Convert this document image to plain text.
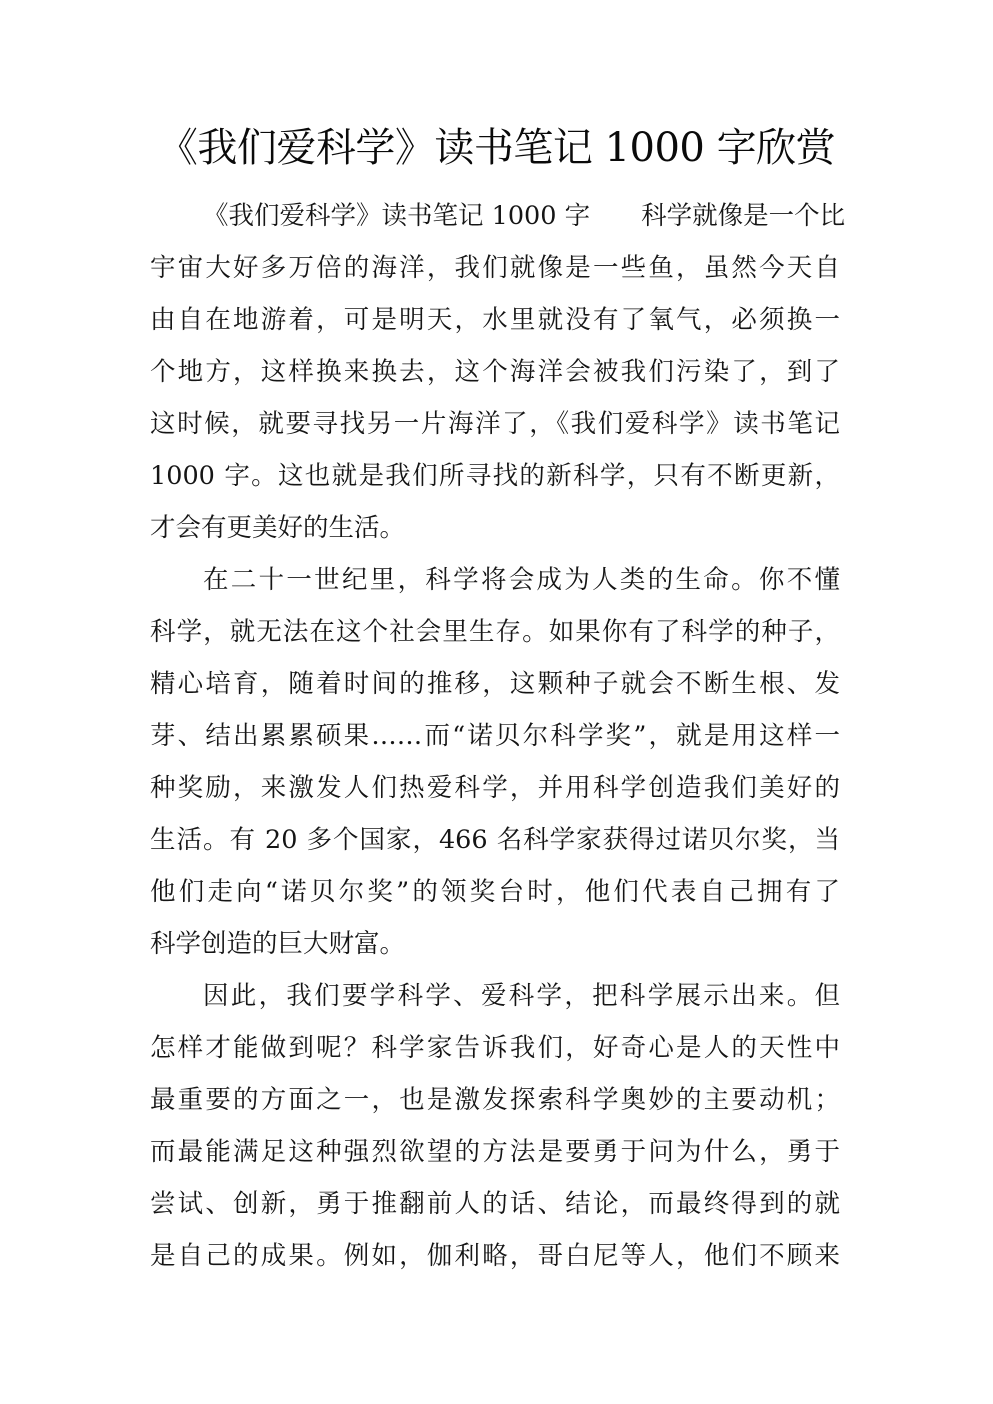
《我们爱科学》读书笔记 1000 字欣赏
《我们爱科学》读书笔记 1000 字　　科学就像是一个比
宇宙大好多万倍的海洋，我们就像是一些鱼，虽然今天自
由自在地游着，可是明天，水里就没有了氧气，必须换一
个地方，这样换来换去，这个海洋会被我们污染了，到了
这时候，就要寻找另一片海洋了，《我们爱科学》读书笔记
1000 字。这也就是我们所寻找的新科学，只有不断更新，
才会有更美好的生活。
在二十一世纪里，科学将会成为人类的生命。你不懂
科学，就无法在这个社会里生存。如果你有了科学的种子，
精心培育，随着时间的推移，这颗种子就会不断生根、发
芽、结出累累硕果……而“诺贝尔科学奖”，就是用这样一
种奖励，来激发人们热爱科学，并用科学创造我们美好的
生活。有 20 多个国家，466 名科学家获得过诺贝尔奖，当
他们走向“诺贝尔奖”的领奖台时，他们代表自己拥有了
科学创造的巨大财富。
因此，我们要学科学、爱科学，把科学展示出来。但
怎样才能做到呢？科学家告诉我们，好奇心是人的天性中
最重要的方面之一，也是激发探索科学奥妙的主要动机；
而最能满足这种强烈欲望的方法是要勇于问为什么，勇于
尝试、创新，勇于推翻前人的话、结论，而最终得到的就
是自己的成果。例如，伽利略，哥白尼等人，他们不顾来
